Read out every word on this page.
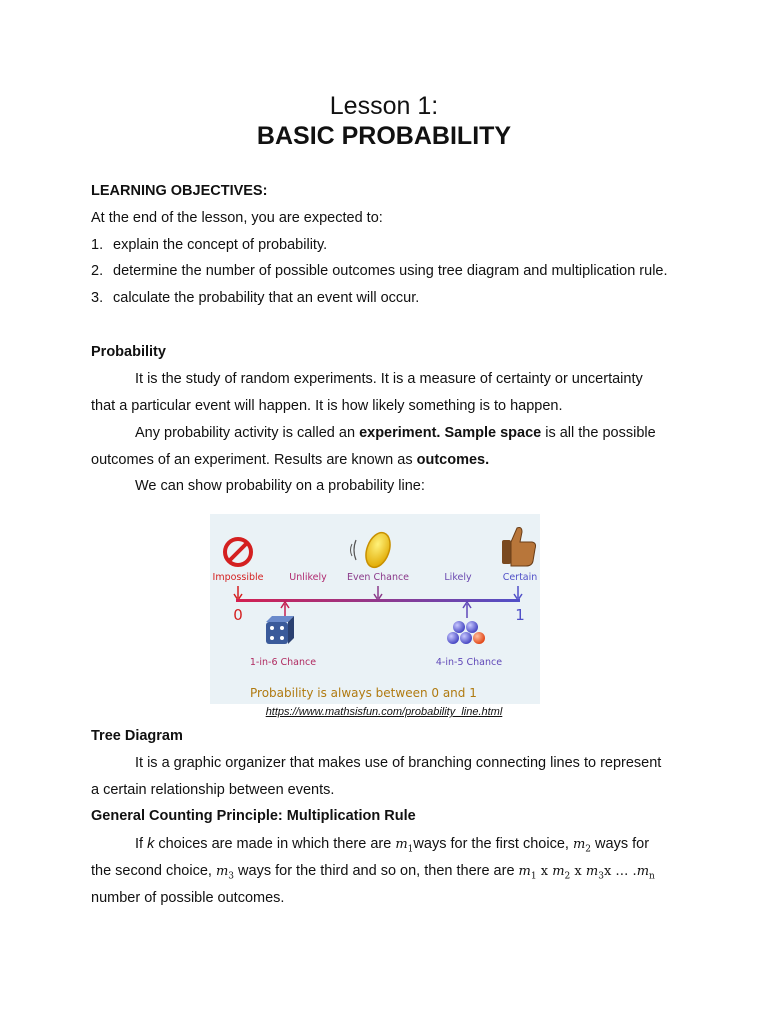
Lesson 1:
BASIC PROBABILITY
LEARNING OBJECTIVES:
At the end of the lesson, you are expected to:
1. explain the concept of probability.
2. determine the number of possible outcomes using tree diagram and multiplication rule.
3. calculate the probability that an event will occur.
Probability
It is the study of random experiments. It is a measure of certainty or uncertainty
that a particular event will happen. It is how likely something is to happen.
Any probability activity is called an experiment. Sample space is all the possible
outcomes of an experiment. Results are known as outcomes.
We can show probability on a probability line:
Impossible	Unlikely Even Chance	Likely	Certain
0	1
1-in-6 Chance	4-in-5 Chance
Probability is always between 0 and 1
https://www.mathsisfun.com/probability_line.html
Tree Diagram
It is a graphic organizer that makes use of branching connecting lines to represent
a certain relationship between events.
General Counting Principle: Multiplication Rule
If k choices are made in which there are $m_1ways$ for the first choice, $m_2$ ways for
the second choice, $m_3$ ways for the third and so on, then there are $m_1$ x $m_2$ x $m_3x$ … $.m_n$
number of possible outcomes.
